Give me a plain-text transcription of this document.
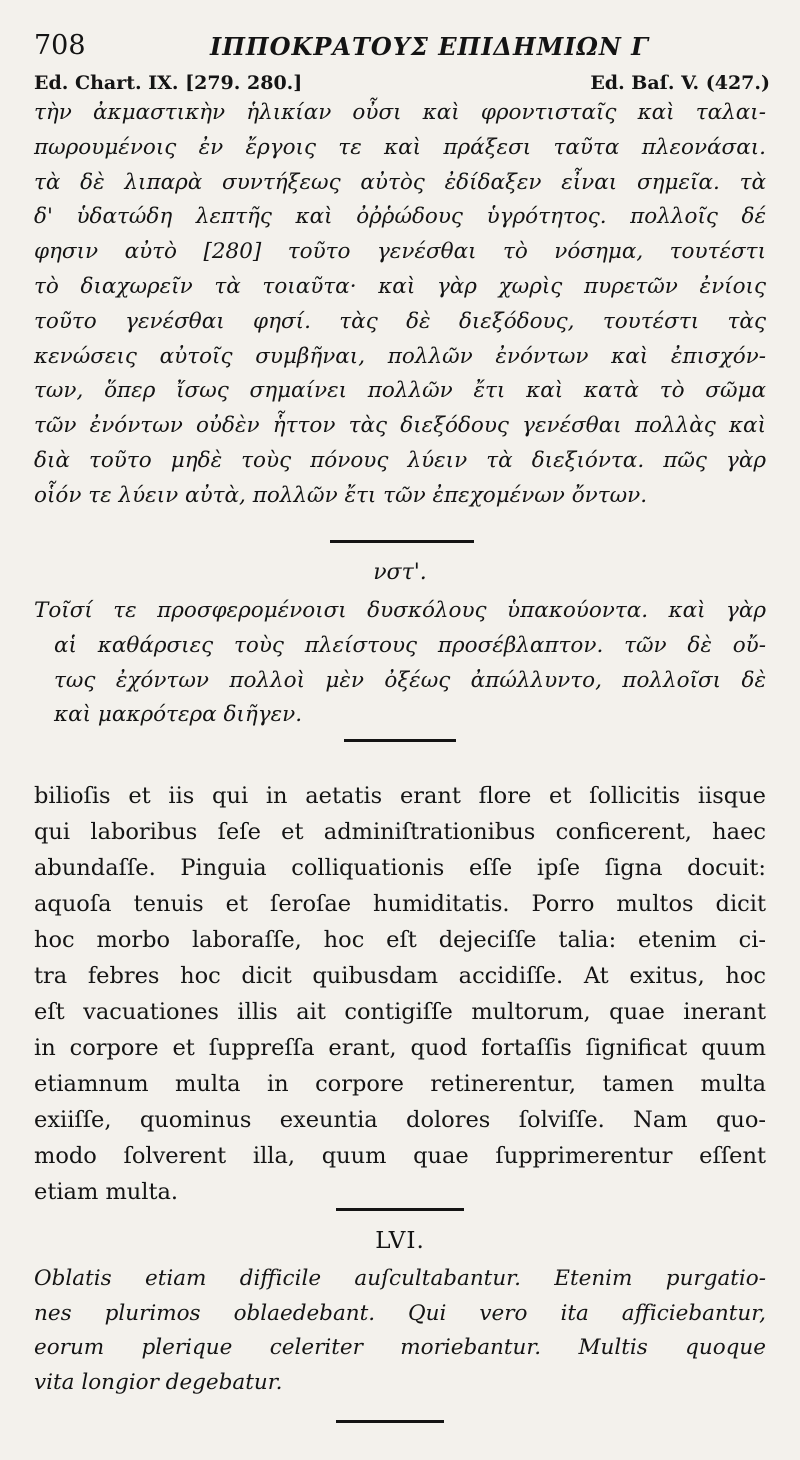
708	ΙΠΠΟΚΡΑΤΟΥΣ ΕΠΙΔΗΜΙΩΝ Γ
Ed. Chart. IX. [279. 280.]	Ed. Baſ. V. (427.)
τὴν ἀκμαστικὴν ἡλικίαν οὖσι καὶ φροντισταῖς καὶ ταλαι-
πωρουμένοις ἐν ἔργοις τε καὶ πράξεσι ταῦτα πλεονάσαι.
τὰ δὲ λιπαρὰ συντήξεως αὐτὸς ἐδίδαξεν εἶναι σημεῖα. τὰ
δ' ὑδατώδη λεπτῆς καὶ ὀῤῥώδους ὑγρότητος. πολλοῖς δέ
φησιν αὐτὸ [280] τοῦτο γενέσθαι τὸ νόσημα, τουτέστι
τὸ διαχωρεῖν τὰ τοιαῦτα· καὶ γὰρ χωρὶς πυρετῶν ἐνίοις
τοῦτο γενέσθαι φησί. τὰς δὲ διεξόδους, τουτέστι τὰς
κενώσεις αὐτοῖς συμβῆναι, πολλῶν ἐνόντων καὶ ἐπισχόν-
των, ὅπερ ἴσως σημαίνει πολλῶν ἔτι καὶ κατὰ τὸ σῶμα
τῶν ἐνόντων οὐδὲν ἧττον τὰς διεξόδους γενέσθαι πολλὰς καὶ
διὰ τοῦτο μηδὲ τοὺς πόνους λύειν τὰ διεξιόντα. πῶς γὰρ
οἷόν τε λύειν αὐτὰ, πολλῶν ἔτι τῶν ἐπεχομένων ὄντων.
νστ'.
Τοῖσί τε προσφερομένοισι δυσκόλους ὑπακούοντα. καὶ γὰρ
αἱ καθάρσιες τοὺς πλείστους προσέβλαπτον. τῶν δὲ οὔ-
τως ἐχόντων πολλοὶ μὲν ὀξέως ἀπώλλυντο, πολλοῖσι δὲ
καὶ μακρότερα διῆγεν.
bilioſis et iis qui in aetatis erant flore et ſollicitis iisque
qui laboribus ſeſe et adminiſtrationibus conficerent, haec
abundaſſe. Pinguia colliquationis eſſe ipſe ſigna docuit:
aquoſa tenuis et ſeroſae humiditatis. Porro multos dicit
hoc morbo laboraſſe, hoc eſt dejeciſſe talia: etenim ci-
tra febres hoc dicit quibusdam accidiſſe. At exitus, hoc
eſt vacuationes illis ait contigiſſe multorum, quae inerant
in corpore et ſuppreſſa erant, quod fortaſſis ſignificat quum
etiamnum multa in corpore retinerentur, tamen multa
exiiſſe, quominus exeuntia dolores ſolviſſe. Nam quo-
modo ſolverent illa, quum quae ſupprimerentur eſſent
etiam multa.
LVI.
Oblatis etiam difficile auſcultabantur. Etenim purgatio-
nes plurimos oblaedebant. Qui vero ita afficiebantur,
eorum plerique celeriter moriebantur. Multis quoque
vita longior degebatur.
